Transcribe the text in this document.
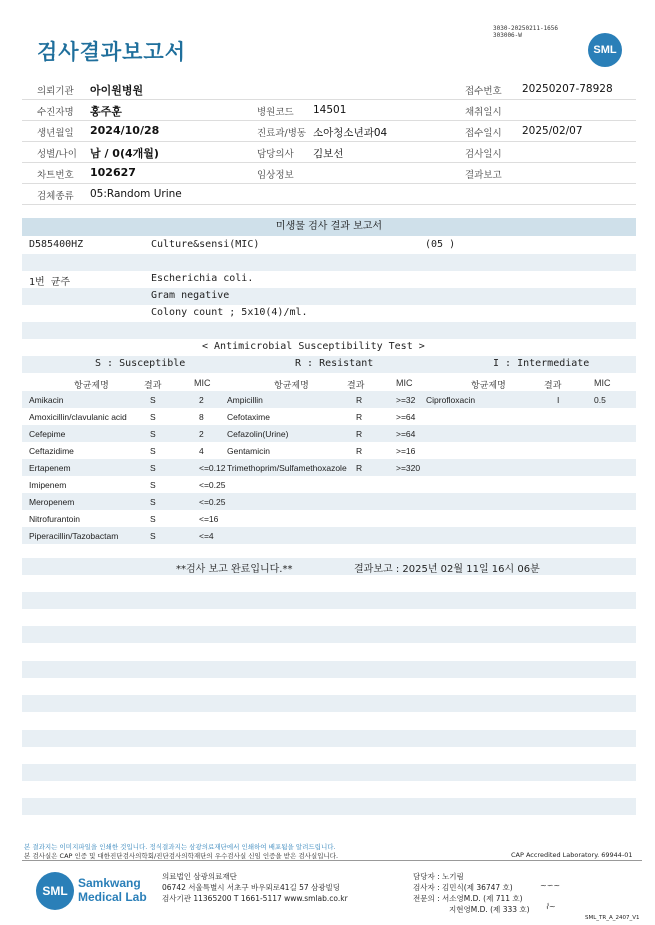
검사결과보고서
3030-20250211-1656
303006-W
SML
의뢰기관 아이원병원	접수번호 20250207-78928
수진자명 홍주훈	병원코드 14501	채취일시
생년월일 2024/10/28	진료과/병동 소아청소년과04	접수일시 2025/02/07
성별/나이 남 / 0(4개월)	담당의사 김보선	검사일시
차트번호 102627	임상정보	결과보고
검체종류 05:Random Urine
미생물 검사 결과 보고서
D585400HZ	Culture&sensi(MIC)	(05 )
1번 균주	Escherichia coli.
Gram negative
Colony count ; 5x10(4)/ml.
< Antimicrobial Susceptibility Test >
S : Susceptible	R : Resistant	I : Intermediate
항균제명	결과	MIC	항균제명	결과	MIC	항균제명	결과	MIC
Amikacin	S	2	Ampicillin	R	>=32 Ciprofloxacin	I	0.5
Amoxicillin/clavulanic acid	S	8	Cefotaxime	R	>=64
Cefepime	S	2	Cefazolin(Urine)	R	>=64
Ceftazidime	S	4	Gentamicin	R	>=16
Ertapenem	S	<=0.12 Trimethoprim/Sulfamethoxazole R	>=320
Imipenem	S	<=0.25
Meropenem	S	<=0.25
Nitrofurantoin	S	<=16
Piperacillin/Tazobactam	S	<=4
**검사 보고 완료입니다.**	결과보고 : 2025년 02월 11일 16시 06분
본 결과지는 이미지파일을 인쇄한 것입니다. 정식결과지는 삼광의료재단에서 인쇄하여 배포됨을 알려드립니다.
본 검사실은 CAP 인증 및 대한진단검사의학회/진단검사의학재단의 우수검사실 신임 인증을 받은 검사실입니다.	CAP Accredited Laboratory. 69944-01
SML
Samkwang
Medical Lab
의료법인 삼광의료재단
06742 서울특별시 서초구 바우뫼로41길 57 삼광빌딩
검사기관 11365200 T 1661-5117 www.smlab.co.kr
담당자 : 노기림
검사자 : 김민식(제 36747 호)
전문의 : 서소영M.D. (제 711 호)
지현영M.D. (제 333 호)
~∽~
⌇~
SML_TR_A_2407_V1
